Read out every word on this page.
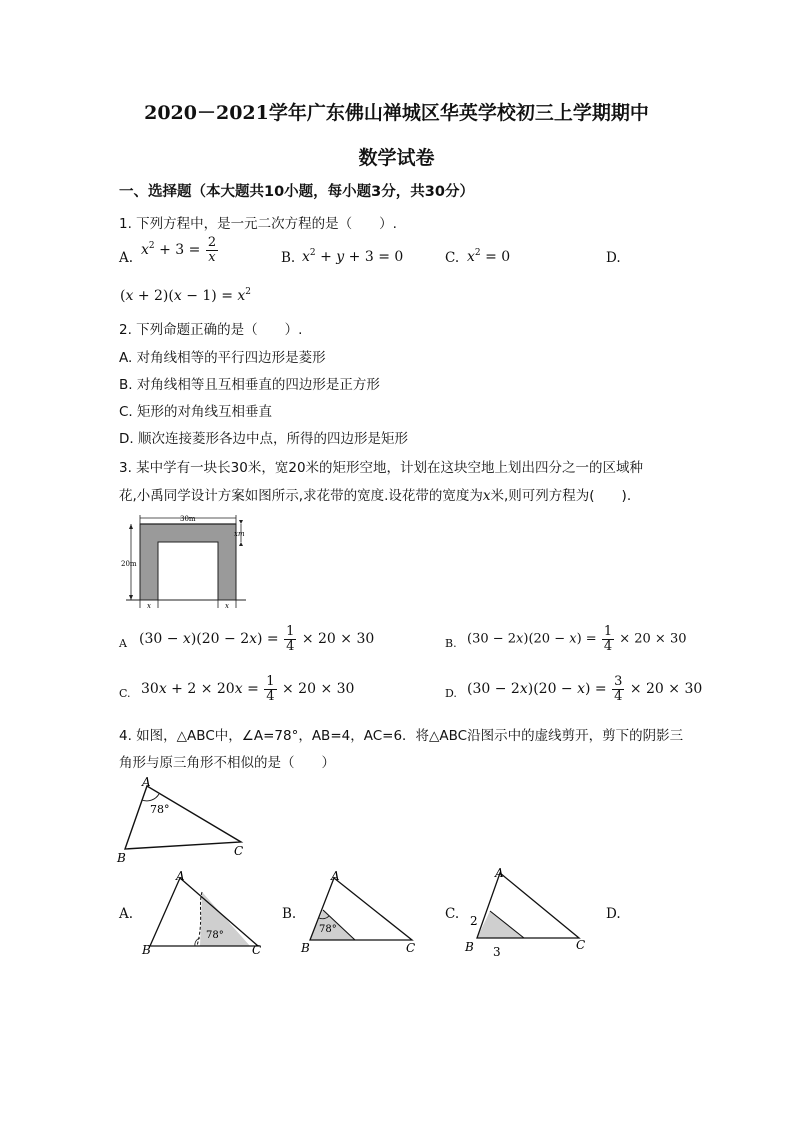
2020－2021学年广东佛山禅城区华英学校初三上学期期中
数学试卷
一、选择题（本大题共10小题，每小题3分，共30分）
1. 下列方程中，是一元二次方程的是（　　）.
A. $x^2 + 3 = \frac{2}{x}$	B. $x^2 + y + 3 = 0$	C. $x^2 = 0$	D.
$(x + 2)(x - 1) = x^2$
2. 下列命题正确的是（　　）.
A. 对角线相等的平行四边形是菱形
B. 对角线相等且互相垂直的四边形是正方形
C. 矩形的对角线互相垂直
D. 顺次连接菱形各边中点，所得的四边形是矩形
3. 某中学有一块长30米，宽20米的矩形空地，计划在这块空地上划出四分之一的区域种
花,小禹同学设计方案如图所示,求花带的宽度.设花带的宽度为x米,则可列方程为(　　).
30m
20m
xm
x	x
A $(30 - x)(20 - 2x) = \frac{1}{4} \times 20 \times 30$	B. $(30 - 2x)(20 - x) = \frac{1}{4} \times 20 \times 30$
C. $30x + 2 \times 20x = \frac{1}{4} \times 20 \times 30$	D. $(30 - 2x)(20 - x) = \frac{3}{4} \times 20 \times 30$
4. 如图，△ABC中，∠A=78°，AB=4，AC=6．将△ABC沿图示中的虚线剪开，剪下的阴影三
角形与原三角形不相似的是（　　）
A
B	C
78°
A.
A
B	C
78°
B.
A
B	C
78°
C.
A
B	C
2
3
D.
